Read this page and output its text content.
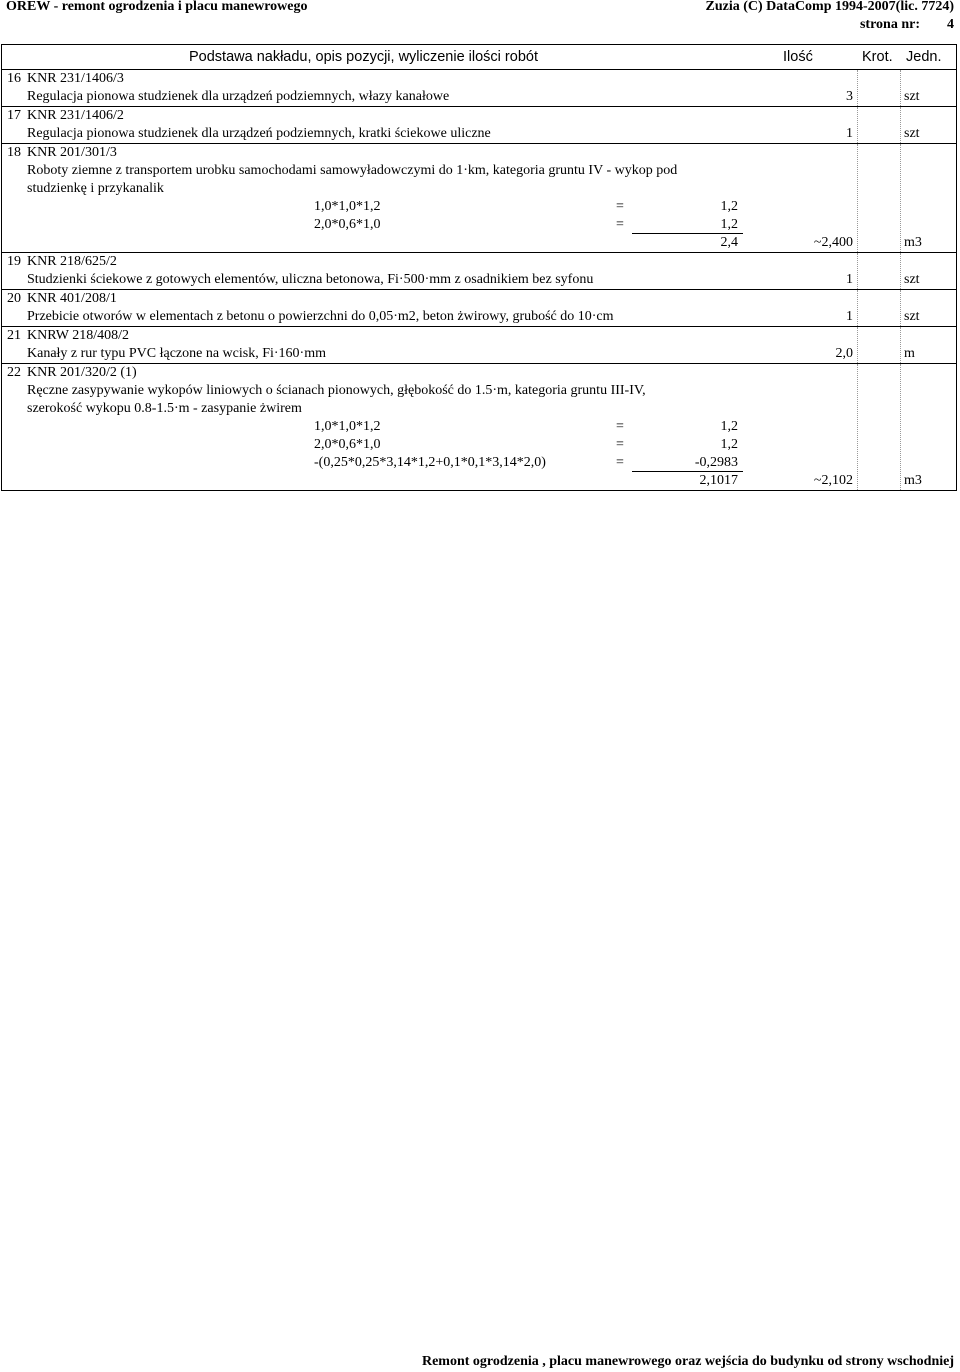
OREW - remont ogrodzenia i placu manewrowego	Zuzia (C) DataComp 1994-2007(lic. 7724)
strona nr: 4
Podstawa nakładu, opis pozycji, wyliczenie ilości robót	Ilość	Krot. Jedn.
16 KNR 231/1406/3
Regulacja pionowa studzienek dla urządzeń podziemnych, włazy kanałowe	3	szt
17 KNR 231/1406/2
Regulacja pionowa studzienek dla urządzeń podziemnych, kratki ściekowe uliczne	1	szt
18 KNR 201/301/3
Roboty ziemne z transportem urobku samochodami samowyładowczymi do 1·km, kategoria gruntu IV - wykop pod
studzienkę i przykanalik
1,0*1,0*1,2	=	1,2
2,0*0,6*1,0	=	1,2
2,4	~2,400	m3
19 KNR 218/625/2
Studzienki ściekowe z gotowych elementów, uliczna betonowa, Fi·500·mm z osadnikiem bez syfonu	1	szt
20 KNR 401/208/1
Przebicie otworów w elementach z betonu o powierzchni do 0,05·m2, beton żwirowy, grubość do 10·cm	1	szt
21 KNRW 218/408/2
Kanały z rur typu PVC łączone na wcisk, Fi·160·mm	2,0	m
22 KNR 201/320/2 (1)
Ręczne zasypywanie wykopów liniowych o ścianach pionowych, głębokość do 1.5·m, kategoria gruntu III-IV,
szerokość wykopu 0.8-1.5·m - zasypanie żwirem
1,0*1,0*1,2	=	1,2
2,0*0,6*1,0	=	1,2
-(0,25*0,25*3,14*1,2+0,1*0,1*3,14*2,0)	=	-0,2983
2,1017	~2,102	m3
Remont ogrodzenia , placu manewrowego oraz wejścia do budynku od strony wschodniej
